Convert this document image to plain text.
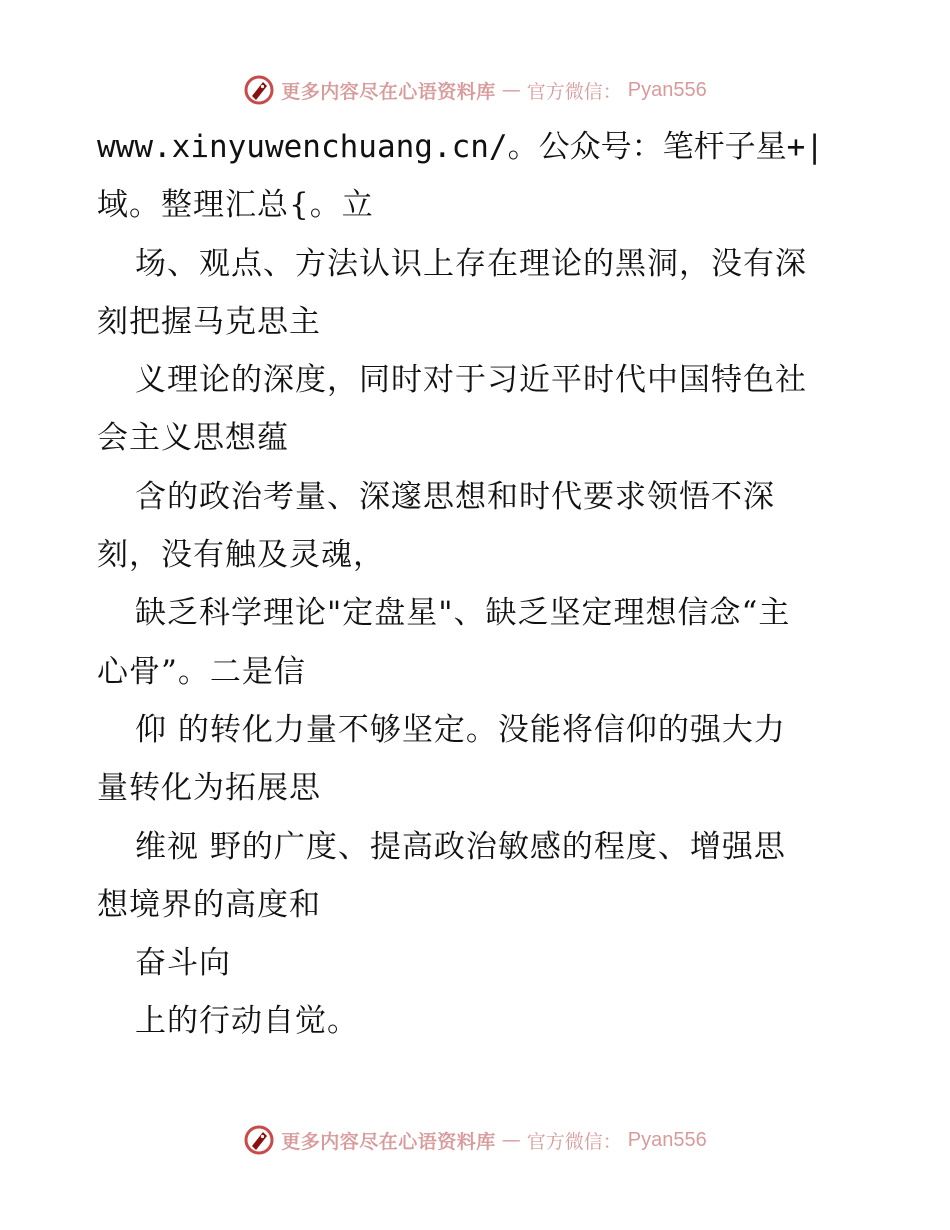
更多内容尽在心语资料库 — 官方微信： Pyan556
www.xinyuwenchuang.cn/。公众号：笔杆子星+|
域。整理汇总{。立
场、观点、方法认识上存在理论的黑洞，没有深
刻把握马克思主
义理论的深度，同时对于习近平时代中国特色社
会主义思想蕴
含的政治考量、深邃思想和时代要求领悟不深
刻，没有触及灵魂，
缺乏科学理论"定盘星"、缺乏坚定理想信念“主
心骨”。二是信
仰 的转化力量不够坚定。没能将信仰的强大力
量转化为拓展思
维视 野的广度、提高政治敏感的程度、增强思
想境界的高度和
奋斗向
上的行动自觉。
更多内容尽在心语资料库 — 官方微信： Pyan556
